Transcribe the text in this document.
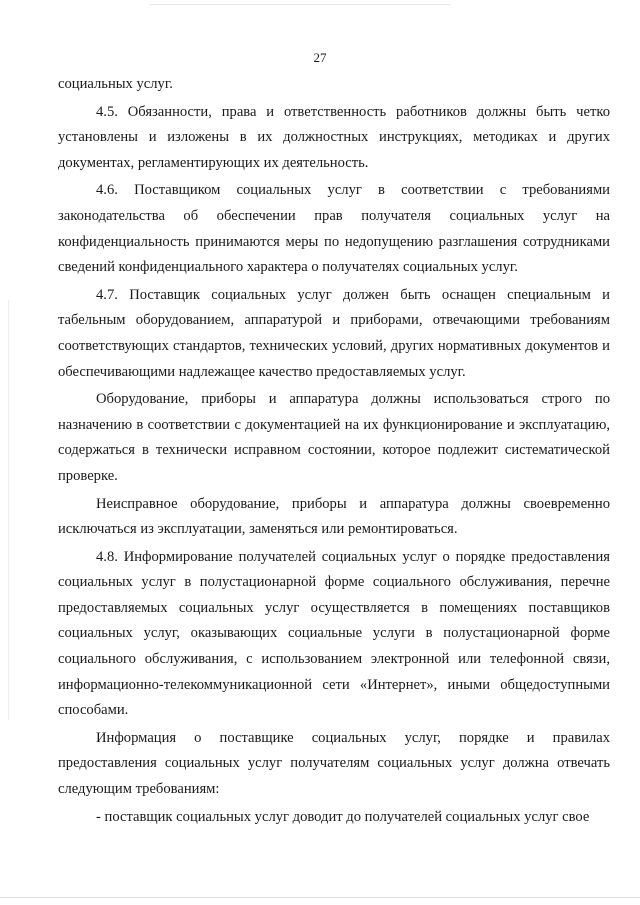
27

социальных услуг.

4.5. Обязанности, права и ответственность работников должны быть четко установлены и изложены в их должностных инструкциях, методиках и других документах, регламентирующих их деятельность.

4.6. Поставщиком социальных услуг в соответствии с требованиями законодательства об обеспечении прав получателя социальных услуг на конфиденциальность принимаются меры по недопущению разглашения сотрудниками сведений конфиденциального характера о получателях социальных услуг.

4.7. Поставщик социальных услуг должен быть оснащен специальным и табельным оборудованием, аппаратурой и приборами, отвечающими требованиям соответствующих стандартов, технических условий, других нормативных документов и обеспечивающими надлежащее качество предоставляемых услуг.

Оборудование, приборы и аппаратура должны использоваться строго по назначению в соответствии с документацией на их функционирование и эксплуатацию, содержаться в технически исправном состоянии, которое подлежит систематической проверке.

Неисправное оборудование, приборы и аппаратура должны своевременно исключаться из эксплуатации, заменяться или ремонтироваться.

4.8. Информирование получателей социальных услуг о порядке предоставления социальных услуг в полустационарной форме социального обслуживания, перечне предоставляемых социальных услуг осуществляется в помещениях поставщиков социальных услуг, оказывающих социальные услуги в полустационарной форме социального обслуживания, с использованием электронной или телефонной связи, информационно-телекоммуникационной сети «Интернет», иными общедоступными способами.

Информация о поставщике социальных услуг, порядке и правилах предоставления социальных услуг получателям социальных услуг должна отвечать следующим требованиям:

- поставщик социальных услуг доводит до получателей социальных услуг свое
